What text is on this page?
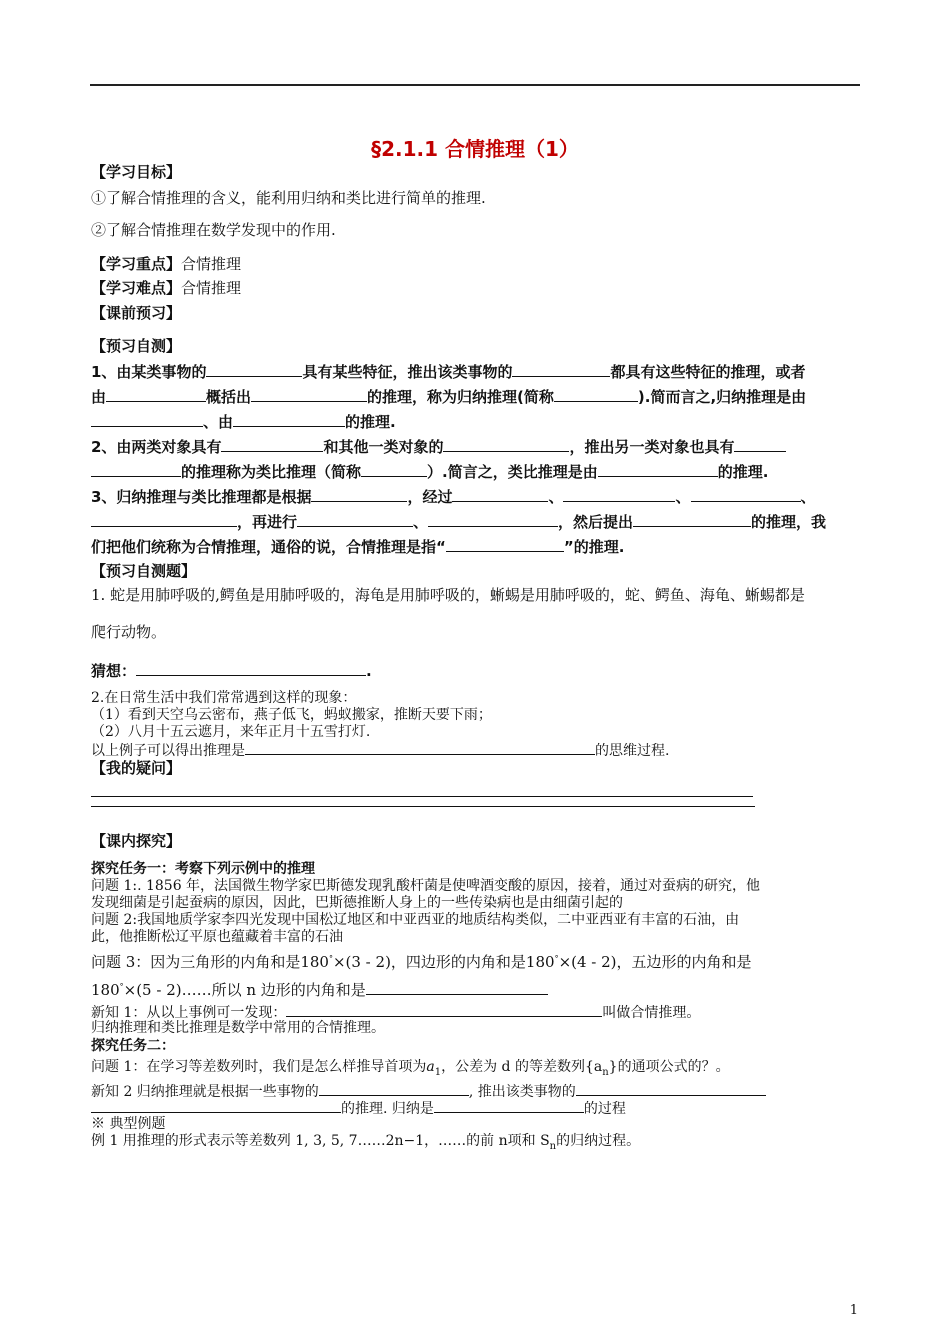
§2.1.1 合情推理（1）
【学习目标】
①了解合情推理的含义，能利用归纳和类比进行简单的推理.
②了解合情推理在数学发现中的作用.
【学习重点】合情推理
【学习难点】合情推理
【课前预习】
【预习自测】
1、由某类事物的	具有某些特征，推出该类事物的	都具有这些特征的推理，或者
由	概括出	的推理，称为归纳推理(简称	).简而言之,归纳推理是由
、由	的推理.
2、由两类对象具有	和其他一类对象的	，推出另一类对象也具有
的推理称为类比推理（简称	）.简言之，类比推理是由	的推理.
3、归纳推理与类比推理都是根据	，经过	、	、	、
，再进行	、	，然后提出	的推理，我
们把他们统称为合情推理，通俗的说，合情推理是指“	”的推理.
【预习自测题】
1. 蛇是用肺呼吸的,鳄鱼是用肺呼吸的，海龟是用肺呼吸的，蜥蜴是用肺呼吸的，蛇、鳄鱼、海龟、蜥蜴都是
爬行动物。
猜想：	.
2.在日常生活中我们常常遇到这样的现象：
（1）看到天空乌云密布，燕子低飞，蚂蚁搬家，推断天要下雨；
（2）八月十五云遮月，来年正月十五雪打灯.
以上例子可以得出推理是	的思维过程.
【我的疑问】
【课内探究】
探究任务一：考察下列示例中的推理
问题 1:. 1856 年，法国微生物学家巴斯德发现乳酸杆菌是使啤酒变酸的原因，接着，通过对蚕病的研究，他
发现细菌是引起蚕病的原因，因此，巴斯德推断人身上的一些传染病也是由细菌引起的
问题 2:我国地质学家李四光发现中国松辽地区和中亚西亚的地质结构类似，二中亚西亚有丰富的石油，由
此，他推断松辽平原也蕴藏着丰富的石油
问题 3：因为三角形的内角和是180°×(3 - 2)，四边形的内角和是180°×(4 - 2)，五边形的内角和是
180°×(5 - 2)……所以 n 边形的内角和是
新知 1：从以上事例可一发现：	叫做合情推理。
归纳推理和类比推理是数学中常用的合情推理。
探究任务二：
问题 1：在学习等差数列时，我们是怎么样推导首项为$a_1$，公差为 d 的等差数列$\{a_n\}$的通项公式的？。
新知 2 归纳推理就是根据一些事物的	, 推出该类事物的
的推理. 归纳是	的过程
※ 典型例题
例 1 用推理的形式表示等差数列 1, 3, 5, 7……2n−1，……的前 n项和 $S_n$的归纳过程。
1
